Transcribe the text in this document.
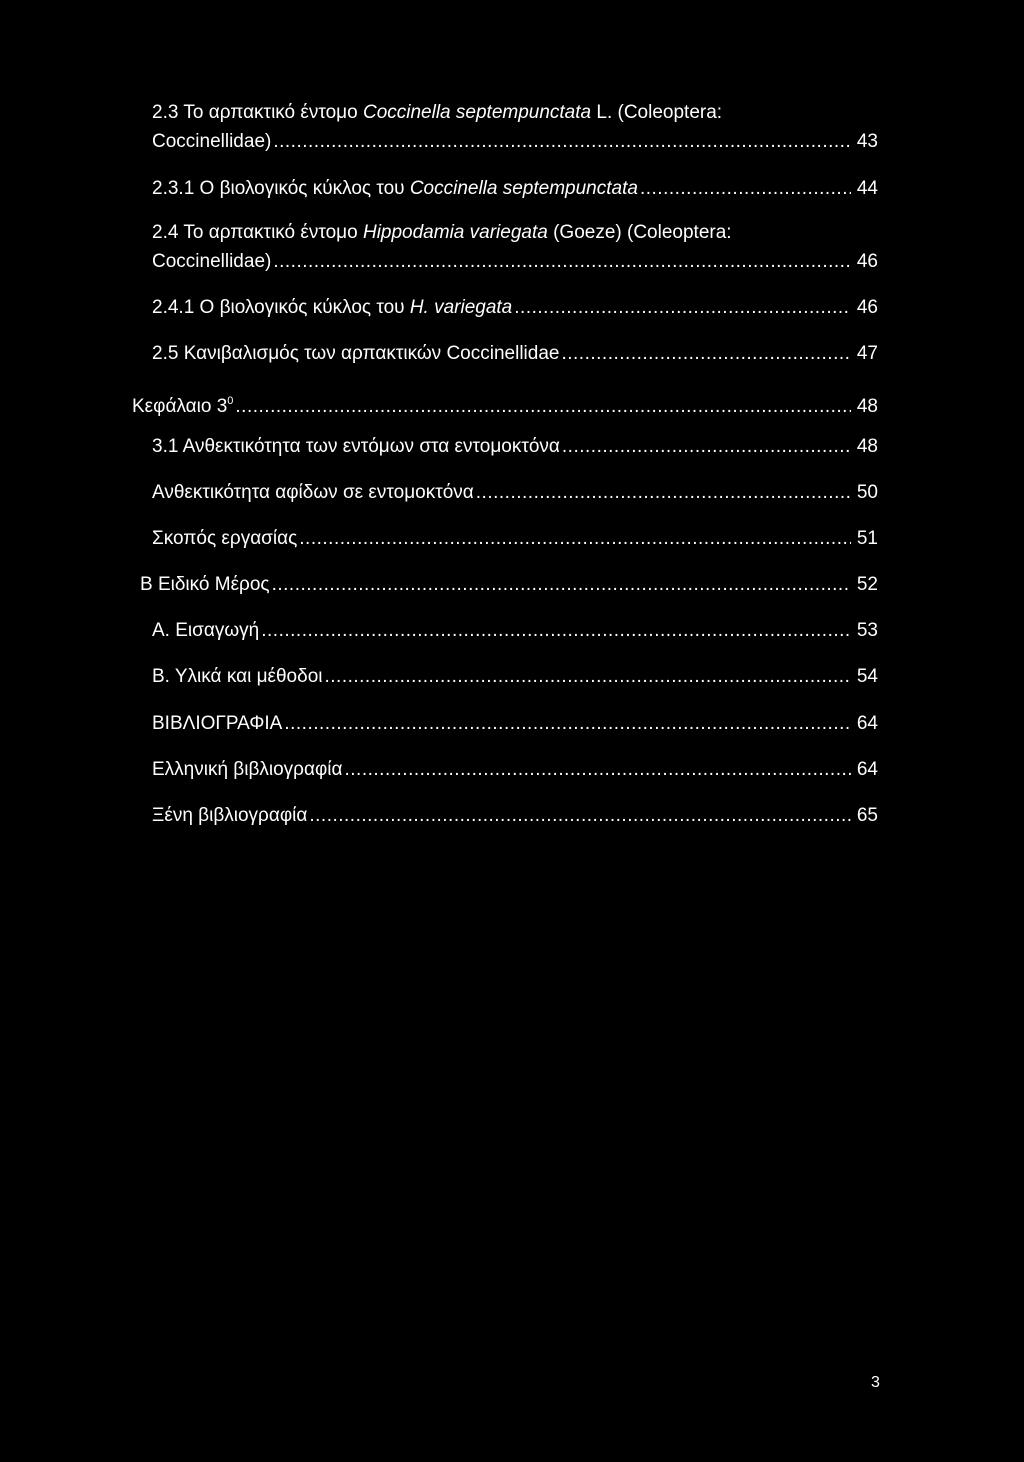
2.3 Το αρπακτικό έντομο Coccinella septempunctata L. (Coleoptera:
Coccinellidae) .....	43
2.3.1 Ο βιολογικός κύκλος του Coccinella septempunctata .....	44
2.4 Το αρπακτικό έντομο Hippodamia variegata (Goeze) (Coleoptera:
Coccinellidae) .....	46
2.4.1 Ο βιολογικός κύκλος του H. variegata .....	46
2.5 Κανιβαλισμός των αρπακτικών Coccinellidae .....	47
Κεφάλαιο $3^0$ .....	48
3.1 Ανθεκτικότητα των εντόμων στα εντομοκτόνα .....	48
Ανθεκτικότητα αφίδων σε εντομοκτόνα .....	50
Σκοπός εργασίας .....	51
Β Ειδικό Μέρος .....	52
Α. Εισαγωγή .....	53
Β. Υλικά και μέθοδοι .....	54
ΒΙΒΛΙΟΓΡΑΦΙΑ .....	64
Ελληνική βιβλιογραφία .....	64
Ξένη βιβλιογραφία .....	65
3
